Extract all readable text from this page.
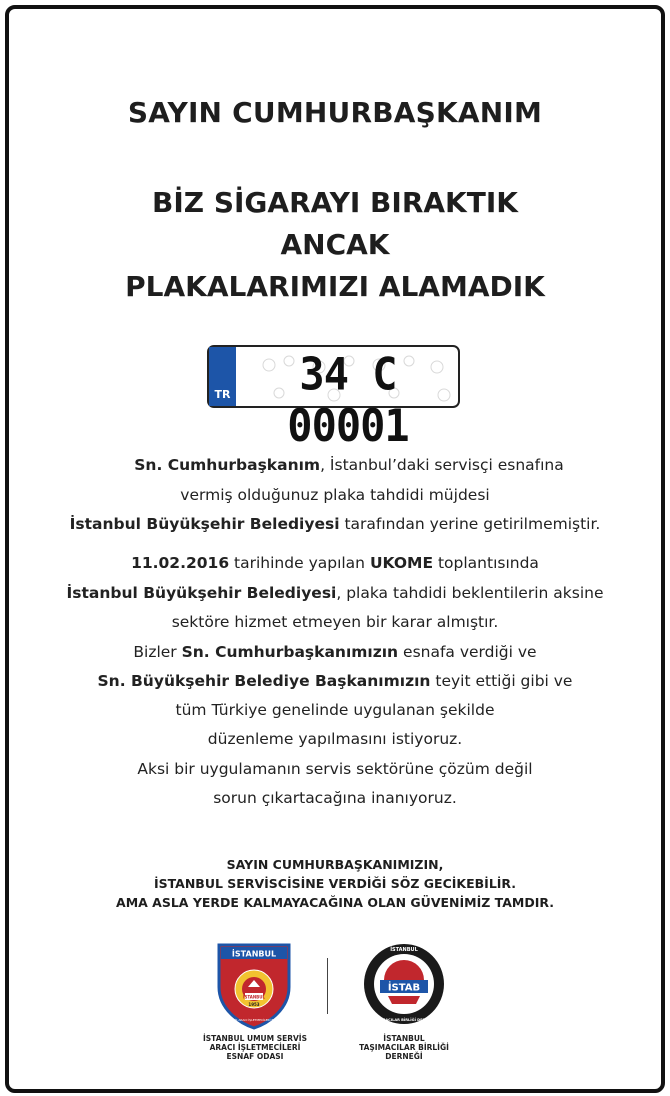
SAYIN CUMHURBAŞKANIM
BİZ SİGARAYI BIRAKTIK
ANCAK
PLAKALARIMIZI ALAMADIK
TR	34 C 00001
Sn. Cumhurbaşkanım, İstanbul’daki servisçi esnafına
vermiş olduğunuz plaka tahdidi müjdesi
İstanbul Büyükşehir Belediyesi tarafından yerine getirilmemiştir.
11.02.2016 tarihinde yapılan UKOME toplantısında
İstanbul Büyükşehir Belediyesi, plaka tahdidi beklentilerin aksine
sektöre hizmet etmeyen bir karar almıştır.
Bizler Sn. Cumhurbaşkanımızın esnafa verdiği ve
Sn. Büyükşehir Belediye Başkanımızın teyit ettiği gibi ve
tüm Türkiye genelinde uygulanan şekilde
düzenleme yapılmasını istiyoruz.
Aksi bir uygulamanın servis sektörüne çözüm değil
sorun çıkartacağına inanıyoruz.
SAYIN CUMHURBAŞKANIMIZIN,
İSTANBUL SERVİSCİSİNE VERDİĞİ SÖZ GECİKEBİLİR.
AMA ASLA YERDE KALMAYACAĞINA OLAN GÜVENİMİZ TAMDIR.
İSTANBUL
İSTANBUL
1953
UMUM SERVİS ARACI İŞLETMECİLERİ ESNAF ODASI
İSTANBUL UMUM SERVİS
ARACI İŞLETMECİLERİ
ESNAF ODASI
İSTANBUL
TAŞIMACILAR BİRLİĞİ DERNEĞİ
İSTAB
İSTANBUL
TAŞIMACILAR BİRLİĞİ
DERNEĞİ
